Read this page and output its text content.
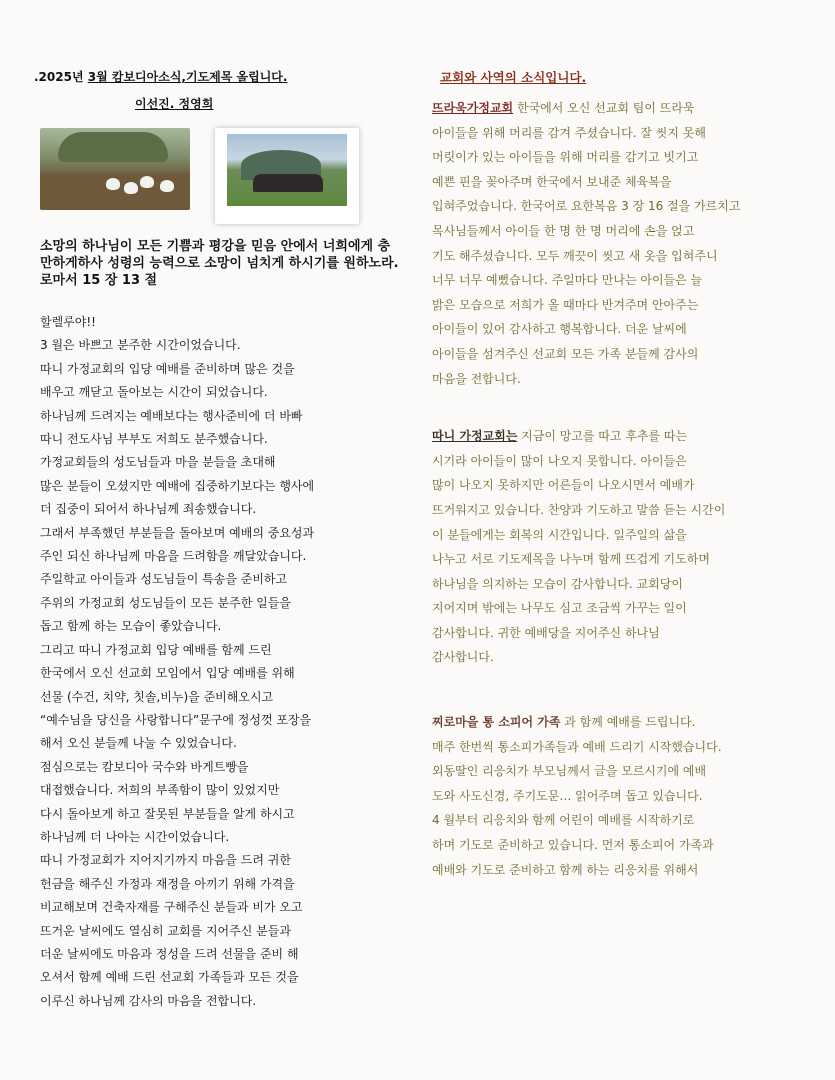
.2025년 3월 캄보디아소식,기도제목 올립니다.
이선진. 정영희
소망의 하나님이 모든 기쁨과 평강을 믿음 안에서 너희에게 충만하게하사 성령의 능력으로 소망이 넘치게 하시기를 원하노라. 로마서 15 장 13 절
할렐루야!!
3 월은 바쁘고 분주한 시간이었습니다.
따니 가정교회의 입당 예배를 준비하며 많은 것을
배우고 깨닫고 돌아보는 시간이 되었습니다.
하나님께 드려지는 예배보다는 행사준비에 더 바빠
따니 전도사님 부부도 저희도 분주했습니다.
가정교회들의 성도님들과 마을 분들을 초대해
많은 분들이 오셨지만 예배에 집중하기보다는 행사에
더 집중이 되어서 하나님께 죄송했습니다.
그래서 부족했던 부분들을 돌아보며 예배의 중요성과
주인 되신 하나님께 마음을 드려함을 깨달았습니다.
주일학교 아이들과 성도님들이 특송을 준비하고
주위의 가정교회 성도님들이 모든 분주한 일들을
돕고 함께 하는 모습이 좋았습니다.
그리고 따니 가정교회 입당 예배를 함께 드린
한국에서 오신 선교회 모임에서 입당 예배를 위해
선물 (수건, 치약, 칫솔,비누)을 준비해오시고
“예수님을 당신을 사랑합니다”문구에 정성껏 포장을
해서 오신 분들께 나눌 수 있었습니다.
점심으로는 캄보디아 국수와 바게트빵을
대접했습니다. 저희의 부족함이 많이 있었지만
다시 돌아보게 하고 잘못된 부분들을 알게 하시고
하나님께 더 나아는 시간이었습니다.
따니 가정교회가 지어지기까지 마음을 드려 귀한
헌금을 해주신 가정과 재정을 아끼기 위해 가격을
비교해보며 건축자재를 구해주신 분들과 비가 오고
뜨거운 날씨에도 열심히 교회를 지어주신 분들과
더운 날씨에도 마음과 정성을 드려 선물을 준비 해
오셔서 함께 예배 드린 선교회 가족들과 모든 것을
이루신 하나님께 감사의 마음을 전합니다.
교회와 사역의 소식입니다.
뜨라욱가정교회 한국에서 오신 선교회 팀이 뜨라욱
아이들을 위해 머리를 감겨 주셨습니다. 잘 씻지 못해
머릿이가 있는 아이들을 위해 머리를 감기고 빗기고
예쁜 핀을 꽂아주며 한국에서 보내준 체육복을
입혀주었습니다. 한국어로 요한복음 3 장 16 절을 가르치고
목사님들께서 아이들 한 명 한 명 머리에 손을 얹고
기도 해주셨습니다. 모두 깨끗이 씻고 새 옷을 입혀주니
너무 너무 예뻤습니다. 주일마다 만나는 아이들은 늘
밝은 모습으로 저희가 올 때마다 반겨주며 안아주는
아이들이 있어 감사하고 행복합니다. 더운 날씨에
아이들을 섬겨주신 선교회 모든 가족 분들께 감사의
마음을 전합니다.
따니 가정교회는 지금이 망고를 따고 후추를 따는
시기라 아이들이 많이 나오지 못합니다. 아이들은
많이 나오지 못하지만 어른들이 나오시면서 예배가
뜨거워지고 있습니다. 찬양과 기도하고 말씀 듣는 시간이
이 분들에게는 회복의 시간입니다. 일주일의 삶을
나누고 서로 기도제목을 나누며 함께 뜨겁게 기도하며
하나님을 의지하는 모습이 감사합니다. 교회당이
지어지며 밖에는 나무도 심고 조금씩 가꾸는 일이
감사합니다. 귀한 예배당을 지어주신 하나님
감사합니다.
찌로마을 통 소피어 가족 과 함께 예배를 드립니다.
매주 한번씩 통소피가족들과 예배 드리기 시작했습니다.
외동딸인 리응치가 부모님께서 글을 모르시기에 예배
도와 사도신경, 주기도문… 읽어주며 돕고 있습니다.
4 월부터 리응치와 함께 어린이 예배를 시작하기로
하며 기도로 준비하고 있습니다. 먼저 통소피어 가족과
예배와 기도로 준비하고 함께 하는 리응치를 위해서
